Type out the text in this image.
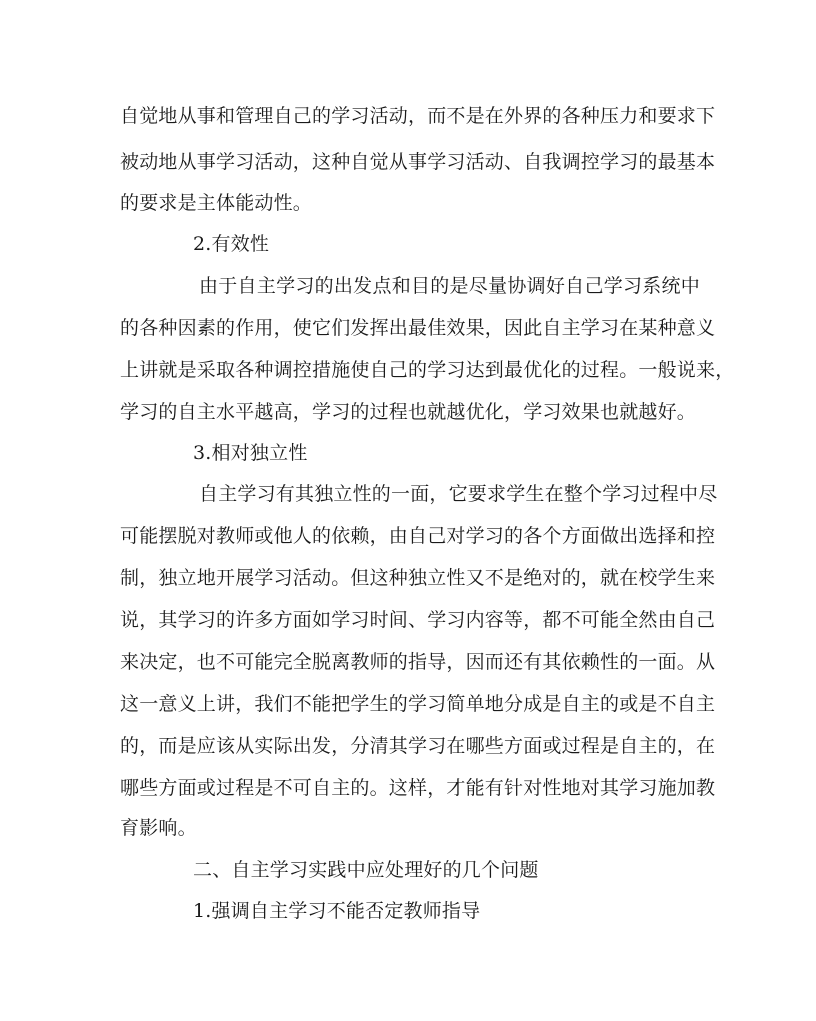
自觉地从事和管理自己的学习活动，而不是在外界的各种压力和要求下
被动地从事学习活动，这种自觉从事学习活动、自我调控学习的最基本
的要求是主体能动性。
2.有效性
由于自主学习的出发点和目的是尽量协调好自己学习系统中
的各种因素的作用，使它们发挥出最佳效果，因此自主学习在某种意义
上讲就是采取各种调控措施使自己的学习达到最优化的过程。一般说来，
学习的自主水平越高，学习的过程也就越优化，学习效果也就越好。
3.相对独立性
自主学习有其独立性的一面，它要求学生在整个学习过程中尽
可能摆脱对教师或他人的依赖，由自己对学习的各个方面做出选择和控
制，独立地开展学习活动。但这种独立性又不是绝对的，就在校学生来
说，其学习的许多方面如学习时间、学习内容等，都不可能全然由自己
来决定，也不可能完全脱离教师的指导，因而还有其依赖性的一面。从
这一意义上讲，我们不能把学生的学习简单地分成是自主的或是不自主
的，而是应该从实际出发，分清其学习在哪些方面或过程是自主的，在
哪些方面或过程是不可自主的。这样，才能有针对性地对其学习施加教
育影响。
二、自主学习实践中应处理好的几个问题
1.强调自主学习不能否定教师指导
